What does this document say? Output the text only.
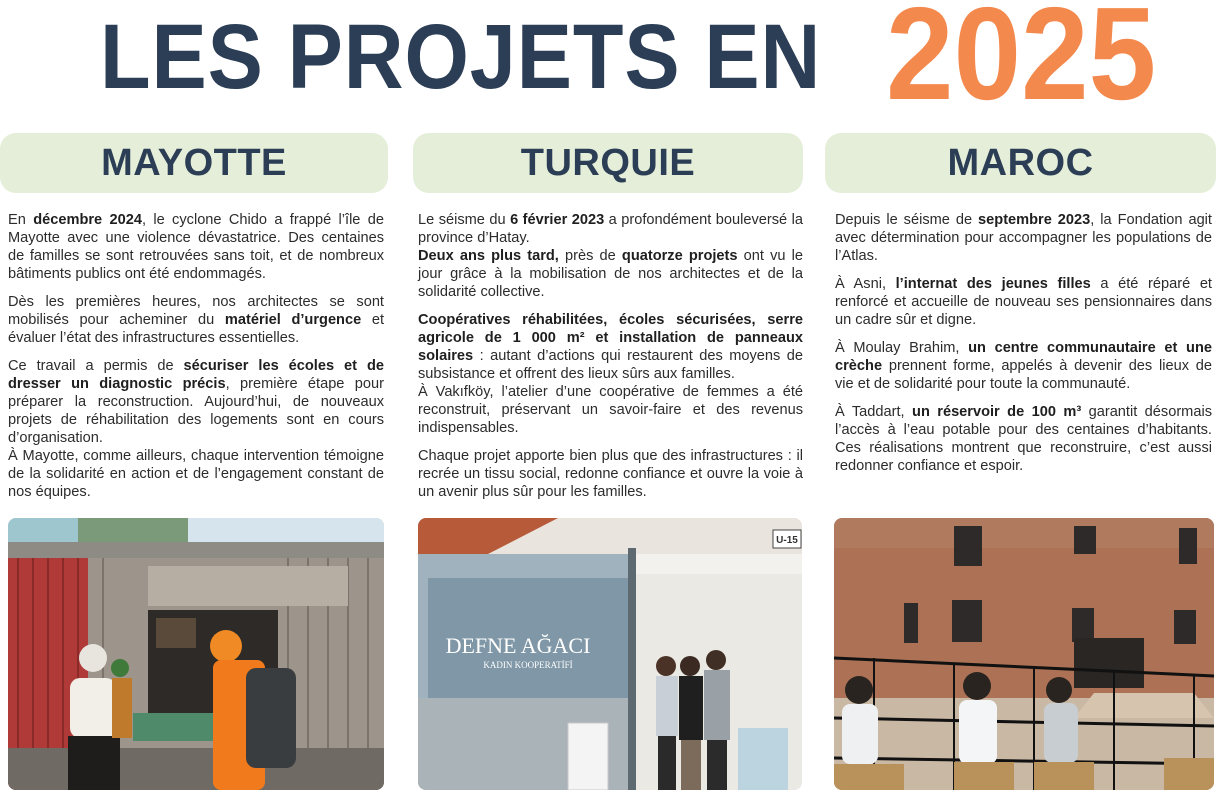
LES PROJETS EN 2025
MAYOTTE

En décembre 2024, le cyclone Chido a frappé l’île de Mayotte avec une violence dévastatrice. Des centaines de familles se sont retrouvées sans toit, et de nombreux bâtiments publics ont été endommagés.

Dès les premières heures, nos architectes se sont mobilisés pour acheminer du matériel d’urgence et évaluer l’état des infrastructures essentielles.

Ce travail a permis de sécuriser les écoles et de dresser un diagnostic précis, première étape pour préparer la reconstruction. Aujourd’hui, de nouveaux projets de réhabilitation des logements sont en cours d’organisation.

À Mayotte, comme ailleurs, chaque intervention témoigne de la solidarité en action et de l’engagement constant de nos équipes.

TURQUIE

Le séisme du 6 février 2023 a profondément bouleversé la province d’Hatay.

Deux ans plus tard, près de quatorze projets ont vu le jour grâce à la mobilisation de nos architectes et de la solidarité collective.

Coopératives réhabilitées, écoles sécurisées, serre agricole de 1 000 m² et installation de panneaux solaires : autant d’actions qui restaurent des moyens de subsistance et offrent des lieux sûrs aux familles.

À Vakıfköy, l’atelier d’une coopérative de femmes a été reconstruit, préservant un savoir-faire et des revenus indispensables.

Chaque projet apporte bien plus que des infrastructures : il recrée un tissu social, redonne confiance et ouvre la voie à un avenir plus sûr pour les familles.

MAROC

Depuis le séisme de septembre 2023, la Fondation agit avec détermination pour accompagner les populations de l’Atlas.

À Asni, l’internat des jeunes filles a été réparé et renforcé et accueille de nouveau ses pensionnaires dans un cadre sûr et digne.

À Moulay Brahim, un centre communautaire et une crèche prennent forme, appelés à devenir des lieux de vie et de solidarité pour toute la communauté.

À Taddart, un réservoir de 100 m³ garantit désormais l’accès à l’eau potable pour des centaines d’habitants. Ces réalisations montrent que reconstruire, c’est aussi redonner confiance et espoir.

U-15
DEFNE AĞACI
KADIN KOOPERATİFİ
